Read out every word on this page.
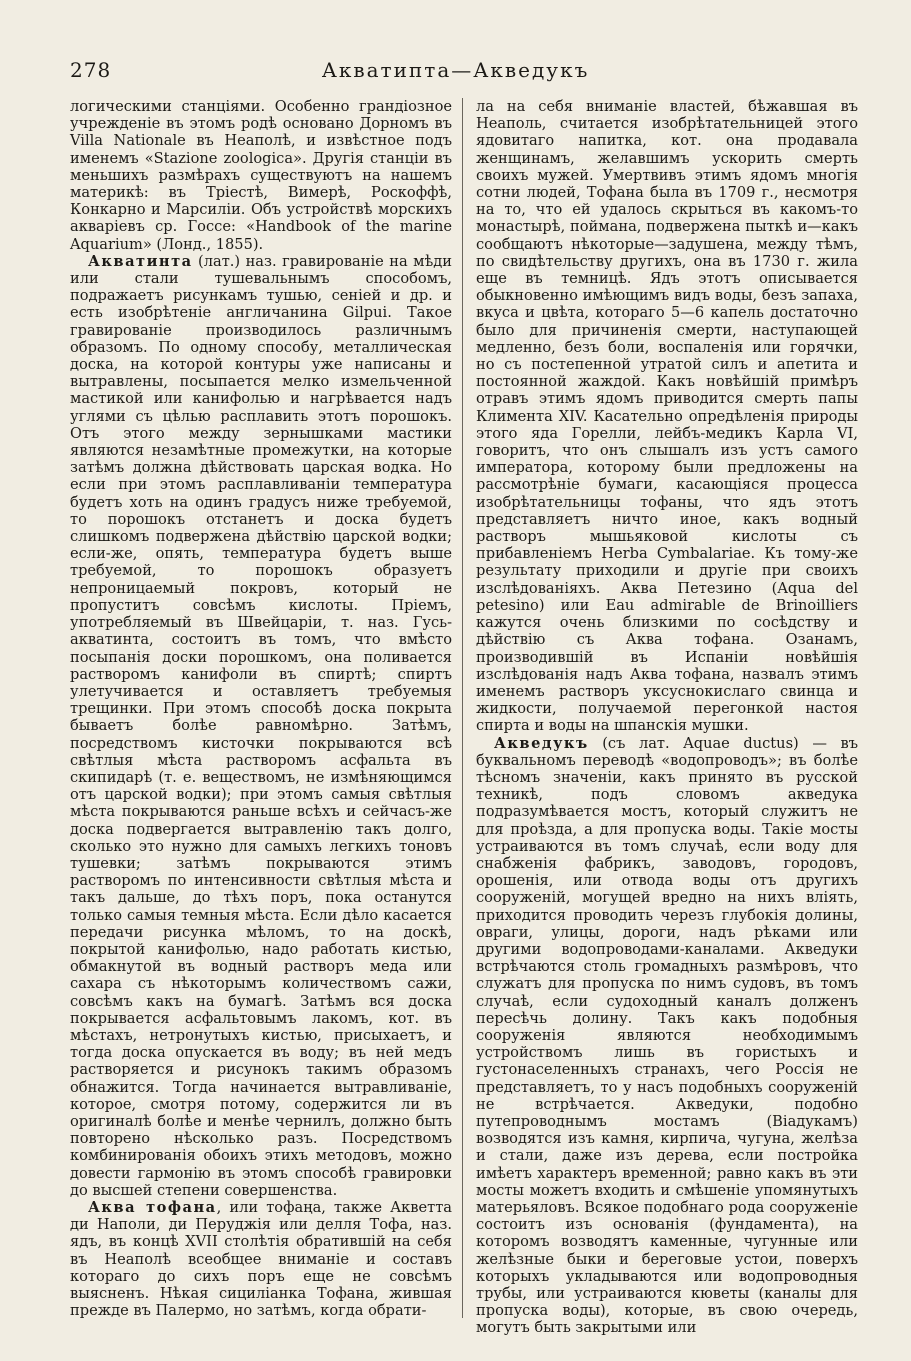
278	Акватипта—Акведукъ

логическими станціями. Особенно грандіозное учрежденіе въ этомъ родѣ основано Дорномъ въ Villa Nationale въ Неаполѣ, и извѣстное подъ именемъ «Stazione zoologica». Другія станціи въ меньшихъ размѣрахъ существуютъ на нашемъ материкѣ: въ Тріестѣ, Вимерѣ, Роскоффѣ, Конкарно и Марсиліи. Объ устройствѣ морскихъ акваріевъ ср. Госсе: «Handbook of the marine Aquarium» (Лонд., 1855).

Акватинта (лат.) наз. гравированіе на мѣди или стали тушевальнымъ способомъ, подражаетъ рисункамъ тушью, сеніей и др. и есть изобрѣтеніе англичанина Gilpui. Такое гравированіе производилось различнымъ образомъ. По одному способу, металлическая доска, на которой контуры уже написаны и вытравлены, посыпается мелко измельченной мастикой или канифолью и нагрѣвается надъ углями съ цѣлью расплавить этотъ порошокъ. Отъ этого между зернышками мастики являются незамѣтные промежутки, на которые затѣмъ должна дѣйствовать царская водка. Но если при этомъ расплавливаніи температура будетъ хоть на одинъ градусъ ниже требуемой, то порошокъ отстанетъ и доска будетъ слишкомъ подвержена дѣйствію царской водки; если-же, опять, температура будетъ выше требуемой, то порошокъ образуетъ непроницаемый покровъ, который не пропуститъ совсѣмъ кислоты. Пріемъ, употребляемый въ Швейцаріи, т. наз. Гусь-акватинта, состоитъ въ томъ, что вмѣсто посыпанія доски порошкомъ, она поливается растворомъ канифоли въ спиртѣ; спиртъ улетучивается и оставляетъ требуемыя трещинки. При этомъ способѣ доска покрыта бываетъ болѣе равномѣрно. Затѣмъ, посредствомъ кисточки покрываются всѣ свѣтлыя мѣста растворомъ асфальта въ скипидарѣ (т. е. веществомъ, не измѣняющимся отъ царской водки); при этомъ самыя свѣтлыя мѣста покрываются раньше всѣхъ и сейчасъ-же доска подвергается вытравленію такъ долго, сколько это нужно для самыхъ легкихъ тоновъ тушевки; затѣмъ покрываются этимъ растворомъ по интенсивности свѣтлыя мѣста и такъ дальше, до тѣхъ поръ, пока останутся только самыя темныя мѣста. Если дѣло касается передачи рисунка мѣломъ, то на доскѣ, покрытой канифолью, надо работать кистью, обмакнутой въ водный растворъ меда или сахара съ нѣкоторымъ количествомъ сажи, совсѣмъ какъ на бумагѣ. Затѣмъ вся доска покрывается асфальтовымъ лакомъ, кот. въ мѣстахъ, нетронутыхъ кистью, присыхаетъ, и тогда доска опускается въ воду; въ ней медъ растворяется и рисунокъ такимъ образомъ обнажится. Тогда начинается вытравливаніе, которое, смотря потому, содержится ли въ оригиналѣ болѣе и менѣе чернилъ, должно быть повторено нѣсколько разъ. Посредствомъ комбинированія обоихъ этихъ методовъ, можно довести гармонію въ этомъ способѣ гравировки до высшей степени совершенства.

Аква тофана, или тофаңа, также Акветтa ди Наполи, ди Перуджія или делля Тофа, наз. ядъ, въ концѣ XVII столѣтія обратившій на себя въ Неаполѣ всеобщее вниманіе и составъ котораго до сихъ поръ еще не совсѣмъ выясненъ. Нѣкая сицилiанка Тофана, жившая прежде въ Палермо, но затѣмъ, когда обрати-

ла на себя вниманіе властей, бѣжавшая въ Неаполь, считается изобрѣтательницей этого ядовитаго напитка, кот. она продавала женщинамъ, желавшимъ ускорить смерть своихъ мужей. Умертвивъ этимъ ядомъ многія сотни людей, Тофана была въ 1709 г., несмотря на то, что ей удалось скрыться въ какомъ-то монастырѣ, поймана, подвержена пыткѣ и—какъ сообщаютъ нѣкоторые—задушена, между тѣмъ, по свидѣтельству другихъ, она въ 1730 г. жила еще въ темницѣ. Ядъ этотъ описывается обыкновенно имѣющимъ видъ воды, безъ запаха, вкуса и цвѣта, котораго 5—6 капель достаточно было для причиненія смерти, наступающей медленно, безъ боли, воспаленія или горячки, но съ постепенной утратой силъ и апетита и постоянной жаждой. Какъ новѣйшій примѣръ отравъ этимъ ядомъ приводится смерть папы Климента XIV. Касательно опредѣленія природы этого яда Горелли, лейбъ-медикъ Карла VI, говоритъ, что онъ слышалъ изъ устъ самого императора, которому были предложены на рассмотрѣніе бумаги, касающіяся процесса изобрѣтательницы тофаны, что ядъ этотъ представляетъ ничто иное, какъ водный растворъ мышьяковой кислоты съ прибавленіемъ Herba Cymbalariae. Къ тому-же результату приходили и другіе при своихъ изслѣдованіяхъ. Аква Петезино (Aqua del petesino) или Eau admirable de Brinoilliers кажутся очень близкими по сосѣдству и дѣйствію съ Аква тофана. Озанамъ, производившій въ Испаніи новѣйшія изслѣдованія надъ Аква тофана, назвалъ этимъ именемъ растворъ уксуснокислаго свинца и жидкости, получаемой перегонкой настоя спирта и воды на шпанскія мушки.

Акведукъ (съ лат. Aquae ductus) — въ буквальномъ переводѣ «водопроводъ»; въ болѣе тѣсномъ значеніи, какъ принято въ русской техникѣ, подъ словомъ акведука подразумѣвается мостъ, который служитъ не для проѣзда, а для пропуска воды. Такіе мосты устраиваются въ томъ случаѣ, если воду для снабженія фабрикъ, заводовъ, городовъ, орошенія, или отвода воды отъ другихъ сооруженій, могущей вредно на нихъ вліять, приходится проводить черезъ глубокія долины, овраги, улицы, дороги, надъ рѣками или другими водопроводами-каналами. Акведуки встрѣчаются столь громадныхъ размѣровъ, что служатъ для пропуска по нимъ судовъ, въ томъ случаѣ, если судоходный каналъ долженъ пересѣчь долину. Такъ какъ подобныя сооруженія являются необходимымъ устройствомъ лишь въ гористыхъ и густонаселенныхъ странахъ, чего Россія не представляетъ, то у насъ подобныхъ сооруженій не встрѣчается. Акведуки, подобно путепроводнымъ мостамъ (Віадукамъ) возводятся изъ камня, кирпича, чугуна, желѣза и стали, даже изъ дерева, если постройка имѣетъ характеръ временной; равно какъ въ эти мосты можетъ входить и смѣшеніе упомянутыхъ матерьяловъ. Всякое подобнаго рода сооруженіе состоитъ изъ основанія (фундамента), на которомъ возводятъ каменные, чугунные или желѣзные быки и береговые устои, поверхъ которыхъ укладываются или водопроводныя трубы, или устраиваются кюветы (каналы для пропуска воды), которые, въ свою очередь, могутъ быть закрытыми или
